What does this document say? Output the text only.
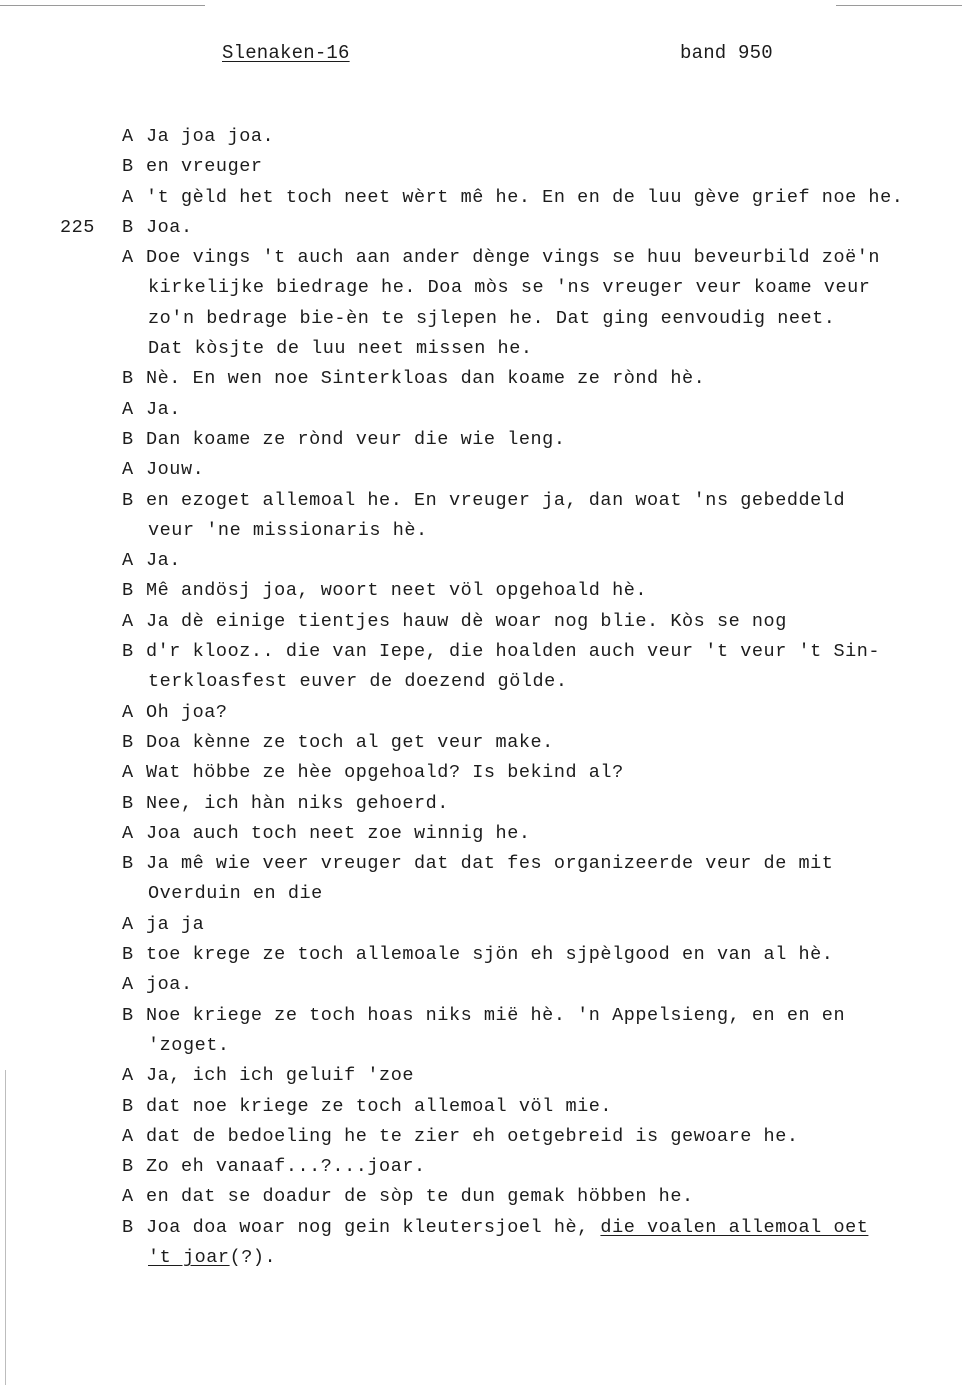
Slenaken-16	band 950
A Ja joa joa.
B en vreuger
A 't gèld het toch neet wèrt mê he. En en de luu gève grief noe he.
225 B Joa.
A Doe vings 't auch aan ander dènge vings se huu beveurbild zoë'n
kirkelijke biedrage he. Doa mòs se 'ns vreuger veur koame veur
zo'n bedrage bie-èn te sjlepen he. Dat ging eenvoudig neet.
Dat kòsjte de luu neet missen he.
B Nè. En wen noe Sinterkloas dan koame ze rònd hè.
A Ja.
B Dan koame ze rònd veur die wie leng.
A Jouw.
B en ezoget allemoal he. En vreuger ja, dan woat 'ns gebeddeld
veur 'ne missionaris hè.
A Ja.
B Mê andösj joa, woort neet völ opgehoald hè.
A Ja dè einige tientjes hauw dè woar nog blie. Kòs se nog
B d'r klooz.. die van Iepe, die hoalden auch veur 't veur 't Sin-
terkloasfest euver de doezend gölde.
A Oh joa?
B Doa kènne ze toch al get veur make.
A Wat höbbe ze hèe opgehoald? Is bekind al?
B Nee, ich hàn niks gehoerd.
A Joa auch toch neet zoe winnig he.
B Ja mê wie veer vreuger dat dat fes organizeerde veur de mit
Overduin en die
A ja ja
B toe krege ze toch allemoale sjön eh sjpèlgood en van al hè.
A joa.
B Noe kriege ze toch hoas niks mië hè. 'n Appelsieng, en en en
'zoget.
A Ja, ich ich geluif 'zoe
B dat noe kriege ze toch allemoal völ mie.
A dat de bedoeling he te zier eh oetgebreid is gewoare he.
B Zo eh vanaaf...?...joar.
A en dat se doadur de sòp te dun gemak höbben he.
B Joa doa woar nog gein kleutersjoel hè, die voalen allemoal oet
't joar(?).
